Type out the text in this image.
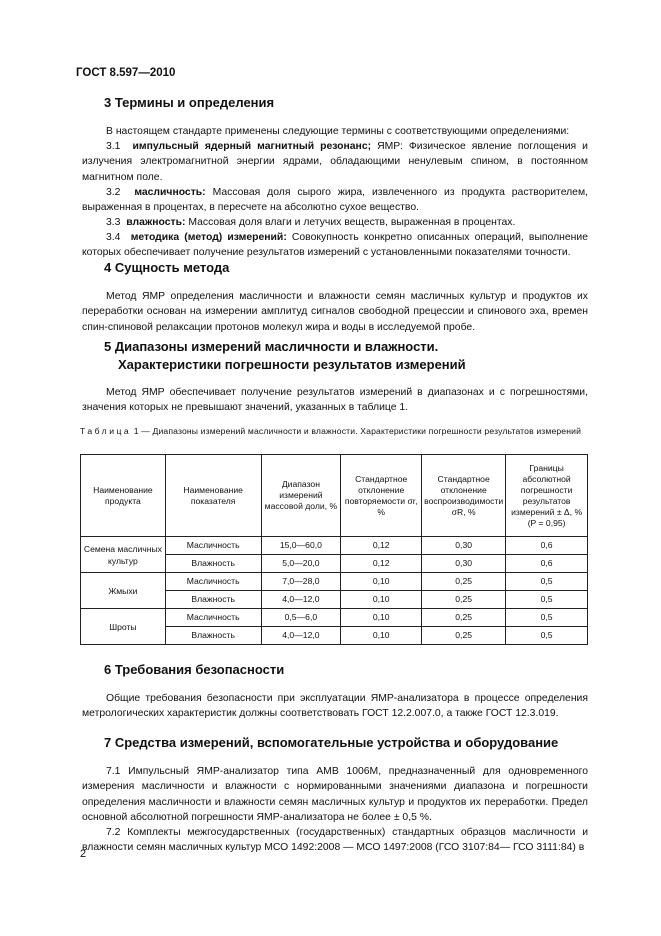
ГОСТ 8.597—2010
3 Термины и определения
В настоящем стандарте применены следующие термины с соответствующими определениями:
3.1 импульсный ядерный магнитный резонанс; ЯМР: Физическое явление поглощения и излучения электромагнитной энергии ядрами, обладающими ненулевым спином, в постоянном магнитном поле.
3.2 масличность: Массовая доля сырого жира, извлеченного из продукта растворителем, выраженная в процентах, в пересчете на абсолютно сухое вещество.
3.3 влажность: Массовая доля влаги и летучих веществ, выраженная в процентах.
3.4 методика (метод) измерений: Совокупность конкретно описанных операций, выполнение которых обеспечивает получение результатов измерений с установленными показателями точности.
4 Сущность метода
Метод ЯМР определения масличности и влажности семян масличных культур и продуктов их переработки основан на измерении амплитуд сигналов свободной прецессии и спинового эха, времен спин-спиновой релаксации протонов молекул жира и воды в исследуемой пробе.
5 Диапазоны измерений масличности и влажности.
Характеристики погрешности результатов измерений
Метод ЯМР обеспечивает получение результатов измерений в диапазонах и с погрешностями, значения которых не превышают значений, указанных в таблице 1.
Таблица 1 — Диапазоны измерений масличности и влажности. Характеристики погрешности результатов измерений
Наименование продукта	Наименование показателя	Диапазон измерений массовой доли, %	Стандартное отклонение повторяемости σr, %	Стандартное отклонение воспроизводимости σR, %	Границы абсолютной погрешности результатов измерений ± Δ, % (P = 0,95)
Семена масличных культур	Масличность	15,0—60,0	0,12	0,30	0,6
	Влажность	5,0—20,0	0,12	0,30	0,6
Жмыхи	Масличность	7,0—28,0	0,10	0,25	0,5
	Влажность	4,0—12,0	0,10	0,25	0,5
Шроты	Масличность	0,5—6,0	0,10	0,25	0,5
	Влажность	4,0—12,0	0,10	0,25	0,5
6 Требования безопасности
Общие требования безопасности при эксплуатации ЯМР-анализатора в процессе определения метрологических характеристик должны соответствовать ГОСТ 12.2.007.0, а также ГОСТ 12.3.019.
7 Средства измерений, вспомогательные устройства и оборудование
7.1 Импульсный ЯМР-анализатор типа АМВ 1006М, предназначенный для одновременного измерения масличности и влажности с нормированными значениями диапазона и погрешности определения масличности и влажности семян масличных культур и продуктов их переработки. Предел основной абсолютной погрешности ЯМР-анализатора не более ± 0,5 %.
7.2 Комплекты межгосударственных (государственных) стандартных образцов масличности и влажности семян масличных культур МСО 1492:2008 — МСО 1497:2008 (ГСО 3107:84— ГСО 3111:84) в
2
